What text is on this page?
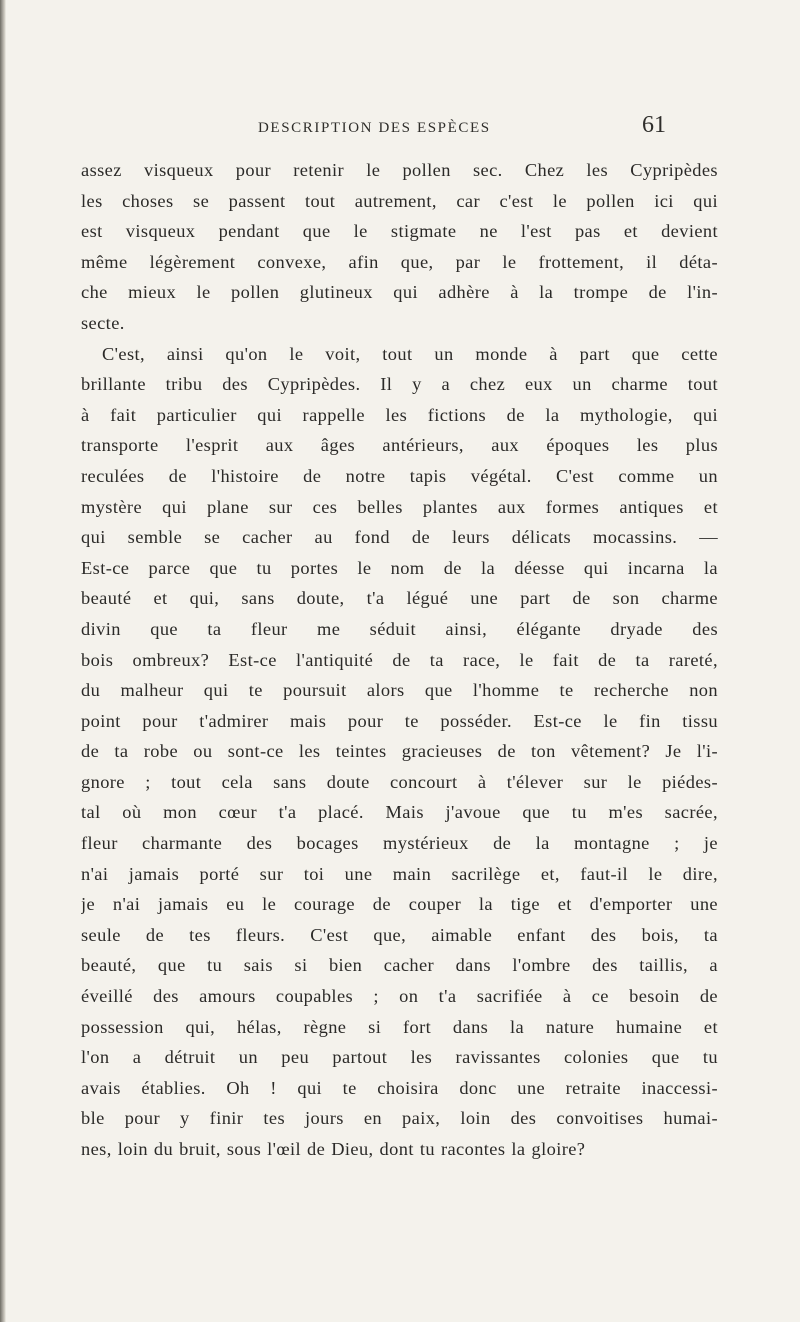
DESCRIPTION DES ESPÈCES	61
assez visqueux pour retenir le pollen sec. Chez les Cypripèdes
les choses se passent tout autrement, car c'est le pollen ici qui
est visqueux pendant que le stigmate ne l'est pas et devient
même légèrement convexe, afin que, par le frottement, il déta-
che mieux le pollen glutineux qui adhère à la trompe de l'in-
secte.
C'est, ainsi qu'on le voit, tout un monde à part que cette
brillante tribu des Cypripèdes. Il y a chez eux un charme tout
à fait particulier qui rappelle les fictions de la mythologie, qui
transporte l'esprit aux âges antérieurs, aux époques les plus
reculées de l'histoire de notre tapis végétal. C'est comme un
mystère qui plane sur ces belles plantes aux formes antiques et
qui semble se cacher au fond de leurs délicats mocassins. —
Est-ce parce que tu portes le nom de la déesse qui incarna la
beauté et qui, sans doute, t'a légué une part de son charme
divin que ta fleur me séduit ainsi, élégante dryade des
bois ombreux? Est-ce l'antiquité de ta race, le fait de ta rareté,
du malheur qui te poursuit alors que l'homme te recherche non
point pour t'admirer mais pour te posséder. Est-ce le fin tissu
de ta robe ou sont-ce les teintes gracieuses de ton vêtement? Je l'i-
gnore ; tout cela sans doute concourt à t'élever sur le piédes-
tal où mon cœur t'a placé. Mais j'avoue que tu m'es sacrée,
fleur charmante des bocages mystérieux de la montagne ; je
n'ai jamais porté sur toi une main sacrilège et, faut-il le dire,
je n'ai jamais eu le courage de couper la tige et d'emporter une
seule de tes fleurs. C'est que, aimable enfant des bois, ta
beauté, que tu sais si bien cacher dans l'ombre des taillis, a
éveillé des amours coupables ; on t'a sacrifiée à ce besoin de
possession qui, hélas, règne si fort dans la nature humaine et
l'on a détruit un peu partout les ravissantes colonies que tu
avais établies. Oh ! qui te choisira donc une retraite inaccessi-
ble pour y finir tes jours en paix, loin des convoitises humai-
nes, loin du bruit, sous l'œil de Dieu, dont tu racontes la gloire?
